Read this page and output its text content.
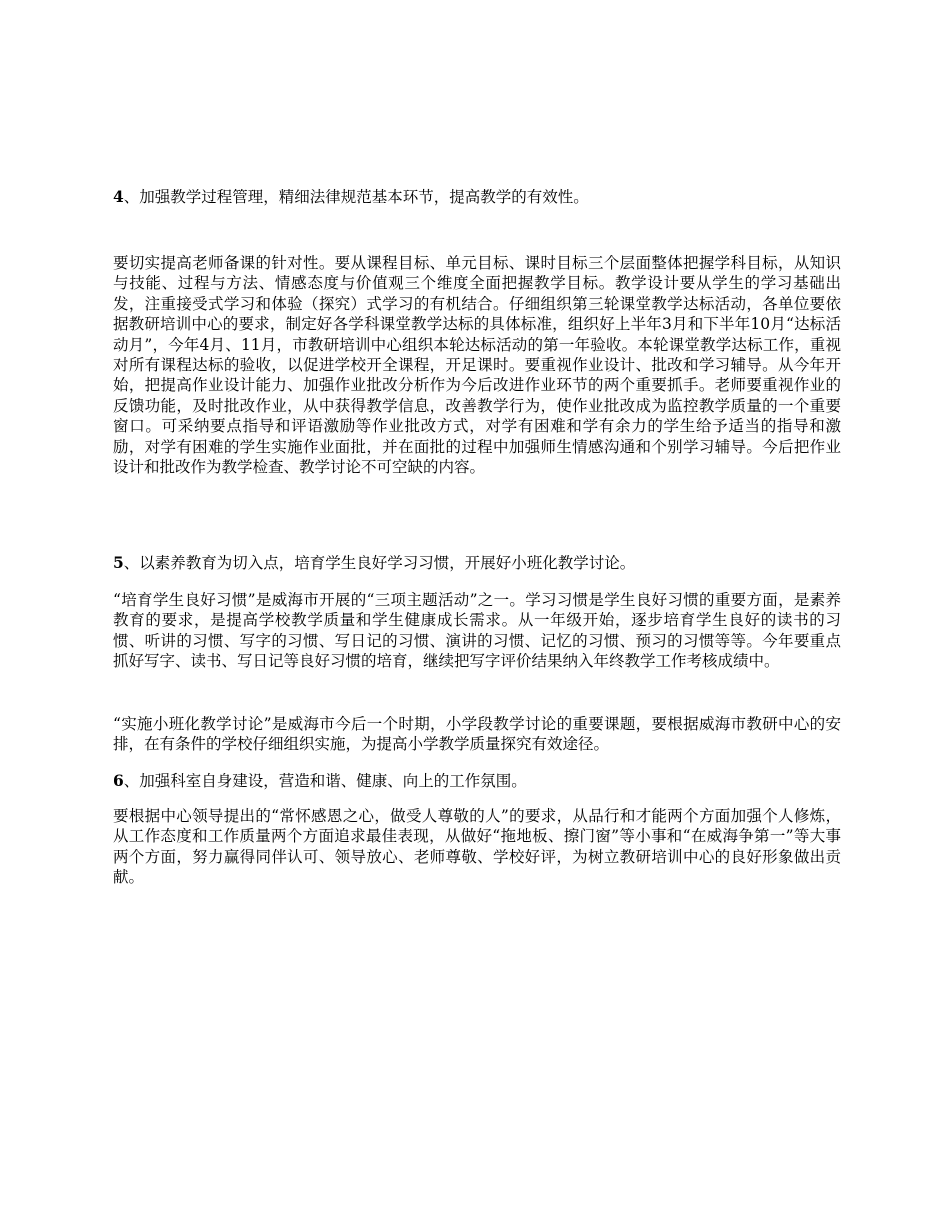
4、加强教学过程管理，精细法律规范基本环节，提高教学的有效性。

要切实提高老师备课的针对性。要从课程目标、单元目标、课时目标三个层面整体把握学科目标，从知识与技能、过程与方法、情感态度与价值观三个维度全面把握教学目标。教学设计要从学生的学习基础出发，注重接受式学习和体验（探究）式学习的有机结合。仔细组织第三轮课堂教学达标活动，各单位要依据教研培训中心的要求，制定好各学科课堂教学达标的具体标准，组织好上半年3月和下半年10月“达标活动月”，今年4月、11月，市教研培训中心组织本轮达标活动的第一年验收。本轮课堂教学达标工作，重视对所有课程达标的验收，以促进学校开全课程，开足课时。要重视作业设计、批改和学习辅导。从今年开始，把提高作业设计能力、加强作业批改分析作为今后改进作业环节的两个重要抓手。老师要重视作业的反馈功能，及时批改作业，从中获得教学信息，改善教学行为，使作业批改成为监控教学质量的一个重要窗口。可采纳要点指导和评语激励等作业批改方式，对学有困难和学有余力的学生给予适当的指导和激励，对学有困难的学生实施作业面批，并在面批的过程中加强师生情感沟通和个别学习辅导。今后把作业设计和批改作为教学检查、教学讨论不可空缺的内容。

5、以素养教育为切入点，培育学生良好学习习惯，开展好小班化教学讨论。

“培育学生良好习惯”是威海市开展的“三项主题活动”之一。学习习惯是学生良好习惯的重要方面，是素养教育的要求，是提高学校教学质量和学生健康成长需求。从一年级开始，逐步培育学生良好的读书的习惯、听讲的习惯、写字的习惯、写日记的习惯、演讲的习惯、记忆的习惯、预习的习惯等等。今年要重点抓好写字、读书、写日记等良好习惯的培育，继续把写字评价结果纳入年终教学工作考核成绩中。

“实施小班化教学讨论”是威海市今后一个时期，小学段教学讨论的重要课题，要根据威海市教研中心的安排，在有条件的学校仔细组织实施，为提高小学教学质量探究有效途径。

6、加强科室自身建设，营造和谐、健康、向上的工作氛围。

要根据中心领导提出的“常怀感恩之心，做受人尊敬的人”的要求，从品行和才能两个方面加强个人修炼，从工作态度和工作质量两个方面追求最佳表现，从做好“拖地板、擦门窗”等小事和“在威海争第一”等大事两个方面，努力赢得同伴认可、领导放心、老师尊敬、学校好评，为树立教研培训中心的良好形象做出贡献。
